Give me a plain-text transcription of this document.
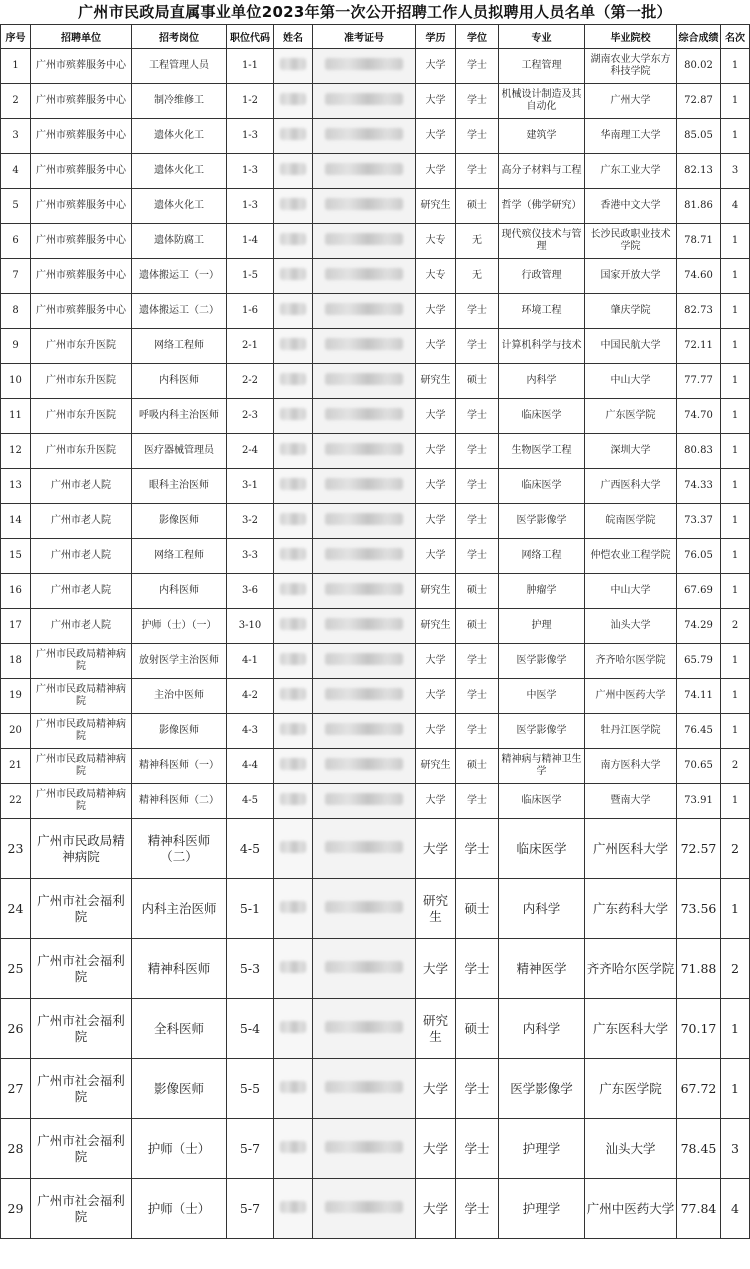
广州市民政局直属事业单位2023年第一次公开招聘工作人员拟聘用人员名单（第一批）
序号	招聘单位	招考岗位	职位代码	姓名	准考证号	学历	学位	专业	毕业院校	综合成绩	名次
1	广州市殡葬服务中心	工程管理人员	1-1			大学	学士	工程管理	湖南农业大学东方科技学院	80.02	1
2	广州市殡葬服务中心	制冷维修工	1-2			大学	学士	机械设计制造及其自动化	广州大学	72.87	1
3	广州市殡葬服务中心	遗体火化工	1-3			大学	学士	建筑学	华南理工大学	85.05	1
4	广州市殡葬服务中心	遗体火化工	1-3			大学	学士	高分子材料与工程	广东工业大学	82.13	3
5	广州市殡葬服务中心	遗体火化工	1-3			研究生	硕士	哲学（佛学研究）	香港中文大学	81.86	4
6	广州市殡葬服务中心	遗体防腐工	1-4			大专	无	现代殡仪技术与管理	长沙民政职业技术学院	78.71	1
7	广州市殡葬服务中心	遗体搬运工（一）	1-5			大专	无	行政管理	国家开放大学	74.60	1
8	广州市殡葬服务中心	遗体搬运工（二）	1-6			大学	学士	环境工程	肇庆学院	82.73	1
9	广州市东升医院	网络工程师	2-1			大学	学士	计算机科学与技术	中国民航大学	72.11	1
10	广州市东升医院	内科医师	2-2			研究生	硕士	内科学	中山大学	77.77	1
11	广州市东升医院	呼吸内科主治医师	2-3			大学	学士	临床医学	广东医学院	74.70	1
12	广州市东升医院	医疗器械管理员	2-4			大学	学士	生物医学工程	深圳大学	80.83	1
13	广州市老人院	眼科主治医师	3-1			大学	学士	临床医学	广西医科大学	74.33	1
14	广州市老人院	影像医师	3-2			大学	学士	医学影像学	皖南医学院	73.37	1
15	广州市老人院	网络工程师	3-3			大学	学士	网络工程	仲恺农业工程学院	76.05	1
16	广州市老人院	内科医师	3-6			研究生	硕士	肿瘤学	中山大学	67.69	1
17	广州市老人院	护师（士）（一）	3-10			研究生	硕士	护理	汕头大学	74.29	2
18	广州市民政局精神病院	放射医学主治医师	4-1			大学	学士	医学影像学	齐齐哈尔医学院	65.79	1
19	广州市民政局精神病院	主治中医师	4-2			大学	学士	中医学	广州中医药大学	74.11	1
20	广州市民政局精神病院	影像医师	4-3			大学	学士	医学影像学	牡丹江医学院	76.45	1
21	广州市民政局精神病院	精神科医师（一）	4-4			研究生	硕士	精神病与精神卫生学	南方医科大学	70.65	2
22	广州市民政局精神病院	精神科医师（二）	4-5			大学	学士	临床医学	暨南大学	73.91	1
23	广州市民政局精神病院	精神科医师（二）	4-5			大学	学士	临床医学	广州医科大学	72.57	2
24	广州市社会福利院	内科主治医师	5-1			研究生	硕士	内科学	广东药科大学	73.56	1
25	广州市社会福利院	精神科医师	5-3			大学	学士	精神医学	齐齐哈尔医学院	71.88	2
26	广州市社会福利院	全科医师	5-4			研究生	硕士	内科学	广东医科大学	70.17	1
27	广州市社会福利院	影像医师	5-5			大学	学士	医学影像学	广东医学院	67.72	1
28	广州市社会福利院	护师（士）	5-7			大学	学士	护理学	汕头大学	78.45	3
29	广州市社会福利院	护师（士）	5-7			大学	学士	护理学	广州中医药大学	77.84	4
